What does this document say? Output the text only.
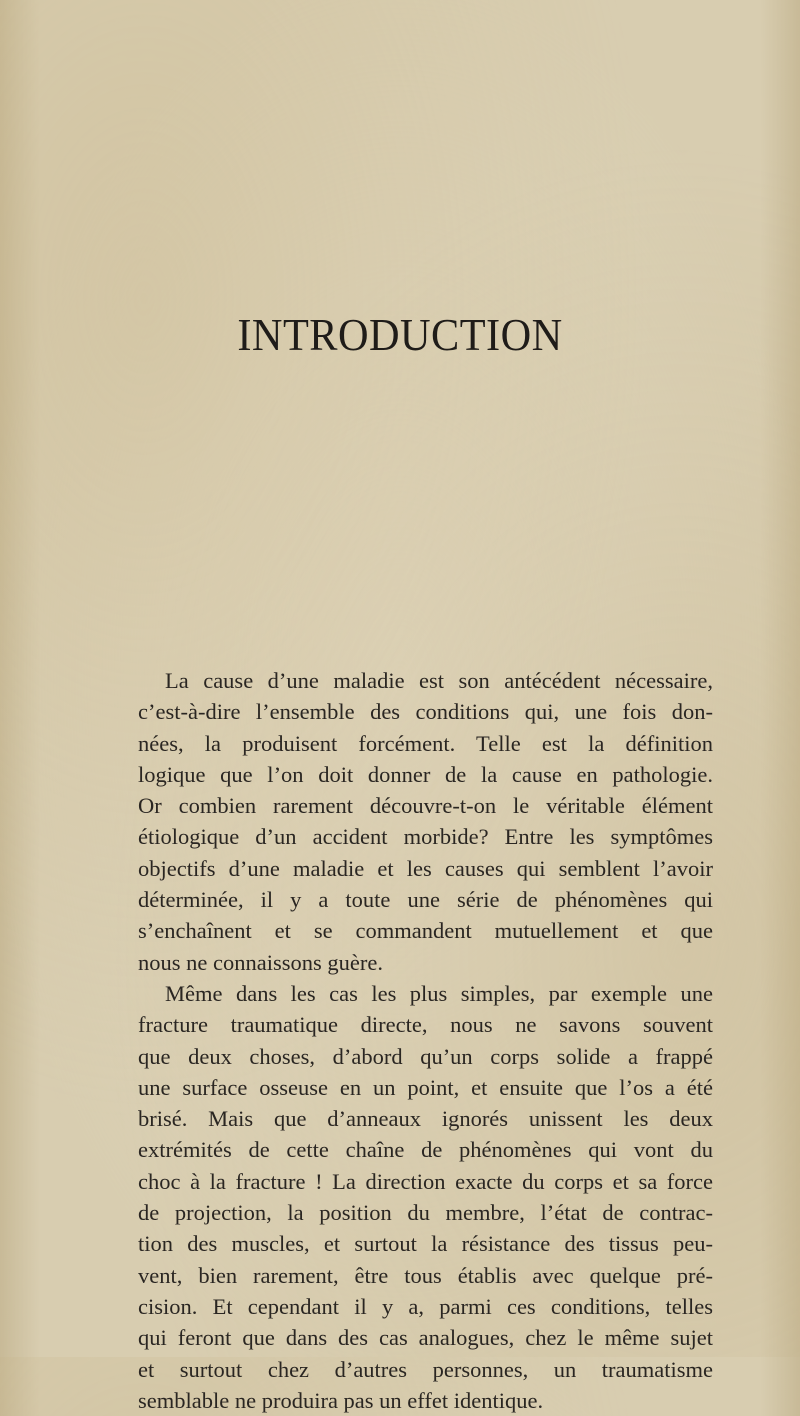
INTRODUCTION
La cause d’une maladie est son antécédent nécessaire,
c’est-à-dire l’ensemble des conditions qui, une fois don-
nées, la produisent forcément. Telle est la définition
logique que l’on doit donner de la cause en pathologie.
Or combien rarement découvre-t-on le véritable élément
étiologique d’un accident morbide? Entre les symptômes
objectifs d’une maladie et les causes qui semblent l’avoir
déterminée, il y a toute une série de phénomènes qui
s’enchaînent et se commandent mutuellement et que
nous ne connaissons guère.
Même dans les cas les plus simples, par exemple une
fracture traumatique directe, nous ne savons souvent
que deux choses, d’abord qu’un corps solide a frappé
une surface osseuse en un point, et ensuite que l’os a été
brisé. Mais que d’anneaux ignorés unissent les deux
extrémités de cette chaîne de phénomènes qui vont du
choc à la fracture ! La direction exacte du corps et sa force
de projection, la position du membre, l’état de contrac-
tion des muscles, et surtout la résistance des tissus peu-
vent, bien rarement, être tous établis avec quelque pré-
cision. Et cependant il y a, parmi ces conditions, telles
qui feront que dans des cas analogues, chez le même sujet
et surtout chez d’autres personnes, un traumatisme
semblable ne produira pas un effet identique.
